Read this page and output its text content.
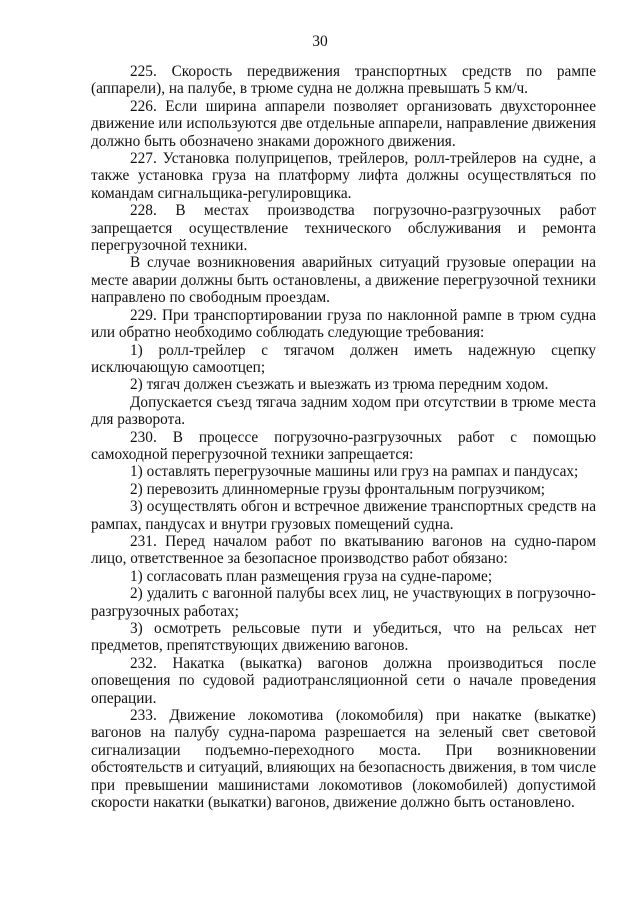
30

225. Скорость передвижения транспортных средств по рампе (аппарели), на палубе, в трюме судна не должна превышать 5 км/ч.

226. Если ширина аппарели позволяет организовать двухстороннее движение или используются две отдельные аппарели, направление движения должно быть обозначено знаками дорожного движения.

227. Установка полуприцепов, трейлеров, ролл-трейлеров на судне, а также установка груза на платформу лифта должны осуществляться по командам сигнальщика-регулировщика.

228. В местах производства погрузочно-разгрузочных работ запрещается осуществление технического обслуживания и ремонта перегрузочной техники.

В случае возникновения аварийных ситуаций грузовые операции на месте аварии должны быть остановлены, а движение перегрузочной техники направлено по свободным проездам.

229. При транспортировании груза по наклонной рампе в трюм судна или обратно необходимо соблюдать следующие требования:

1) ролл-трейлер с тягачом должен иметь надежную сцепку исключающую самоотцеп;

2) тягач должен съезжать и выезжать из трюма передним ходом.

Допускается съезд тягача задним ходом при отсутствии в трюме места для разворота.

230. В процессе погрузочно-разгрузочных работ с помощью самоходной перегрузочной техники запрещается:

1) оставлять перегрузочные машины или груз на рампах и пандусах;

2) перевозить длинномерные грузы фронтальным погрузчиком;

3) осуществлять обгон и встречное движение транспортных средств на рампах, пандусах и внутри грузовых помещений судна.

231. Перед началом работ по вкатыванию вагонов на судно-паром лицо, ответственное за безопасное производство работ обязано:

1) согласовать план размещения груза на судне-пароме;

2) удалить с вагонной палубы всех лиц, не участвующих в погрузочно-разгрузочных работах;

3) осмотреть рельсовые пути и убедиться, что на рельсах нет предметов, препятствующих движению вагонов.

232. Накатка (выкатка) вагонов должна производиться после оповещения по судовой радиотрансляционной сети о начале проведения операции.

233. Движение локомотива (локомобиля) при накатке (выкатке) вагонов на палубу судна-парома разрешается на зеленый свет световой сигнализации подъемно-переходного моста. При возникновении обстоятельств и ситуаций, влияющих на безопасность движения, в том числе при превышении машинистами локомотивов (локомобилей) допустимой скорости накатки (выкатки) вагонов, движение должно быть остановлено.
